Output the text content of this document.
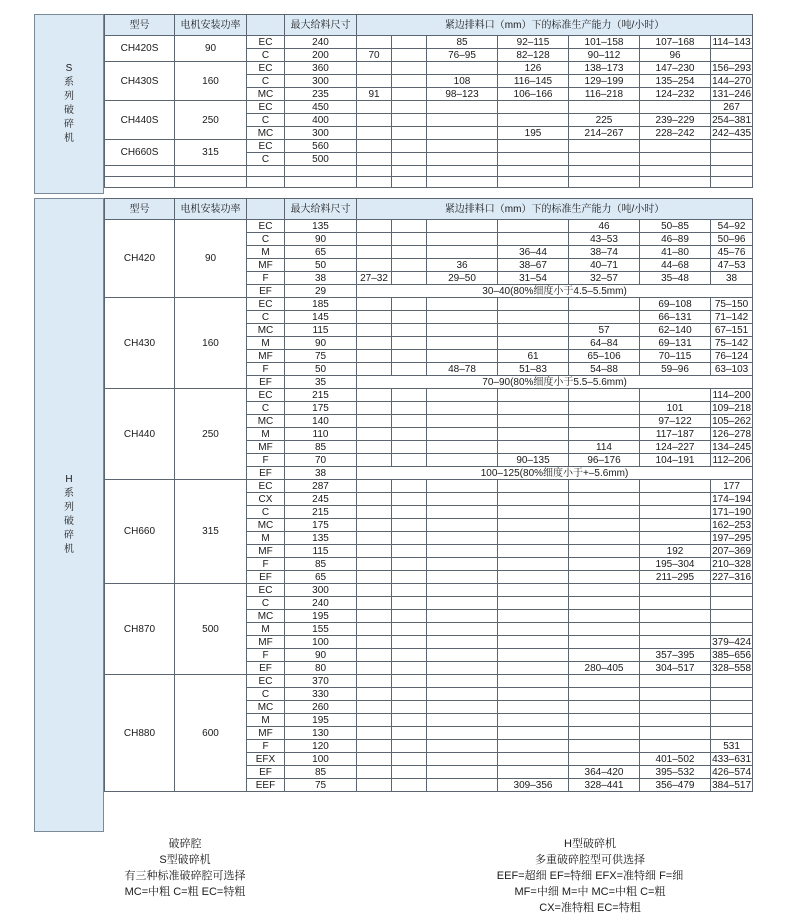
S系列破碎机
H系列破碎机
型号	电机安装功率		最大给料尺寸	紧边排料口（mm）下的标准生产能力（吨/小时）						
CH420S	90	EC	240			85	92–115	101–158	107–168	114–143
		C	200	70		76–95	82–128	90–112	96	
CH430S	160	EC	360				126	138–173	147–230	156–293
		C	300			108	116–145	129–199	135–254	144–270
		MC	235	91		98–123	106–166	116–218	124–232	131–246
CH440S	250	EC	450							267
		C	400					225	239–229	254–381
		MC	300				195	214–267	228–242	242–435
CH660S	315	EC	560							
		C	500							

型号	电机安装功率		最大给料尺寸	紧边排料口（mm）下的标准生产能力（吨/小时）						
CH420	90	EC	135					46	50–85	54–92
		C	90					43–53	46–89	50–96
		M	65				36–44	38–74	41–80	45–76
		MF	50			36	38–67	40–71	44–68	47–53
		F	38	27–32		29–50	31–54	32–57	35–48	38
		EF	29	30–40(80%细度小于4.5–5.5mm)						
CH430	160	EC	185						69–108	75–150
		C	145						66–131	71–142
		MC	115					57	62–140	67–151
		M	90					64–84	69–131	75–142
		MF	75				61	65–106	70–115	76–124
		F	50			48–78	51–83	54–88	59–96	63–103
		EF	35	70–90(80%细度小于5.5–5.6mm)						
CH440	250	EC	215							114–200
		C	175						101	109–218
		MC	140						97–122	105–262
		M	110						117–187	126–278
		MF	85					114	124–227	134–245
		F	70				90–135	96–176	104–191	112–206
		EF	38	100–125(80%细度小于+–5.6mm)						
CH660	315	EC	287							177
		CX	245							174–194
		C	215							171–190
		MC	175							162–253
		M	135							197–295
		MF	115						192	207–369
		F	85						195–304	210–328
		EF	65						211–295	227–316
CH870	500	EC	300							
		C	240							
		MC	195							
		M	155							
		MF	100							379–424
		F	90						357–395	385–656
		EF	80					280–405	304–517	328–558
CH880	600	EC	370							
		C	330							
		MC	260							
		M	195							
		MF	130							
		F	120							531
		EFX	100						401–502	433–631
		EF	85					364–420	395–532	426–574
		EEF	75				309–356	328–441	356–479	384–517
破碎腔
S型破碎机
有三种标准破碎腔可选择
MC=中粗 C=粗 EC=特粗
H型破碎机
多重破碎腔型可供选择
EEF=超细 EF=特细 EFX=准特细 F=细
MF=中细 M=中 MC=中粗 C=粗
CX=准特粗 EC=特粗
